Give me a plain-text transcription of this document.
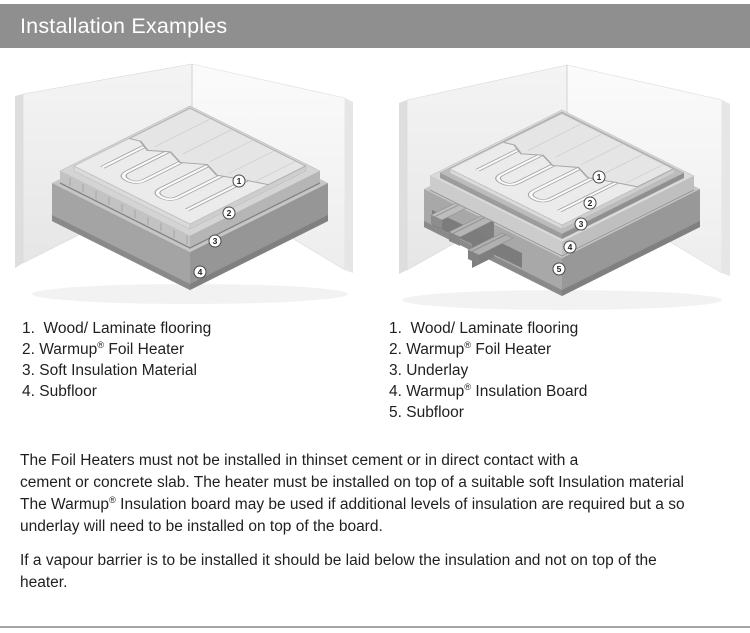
Installation Examples
1
2
3
4
1
2
3
4
5
1.  Wood/ Laminate flooring
2. Warmup® Foil Heater
3. Soft Insulation Material
4. Subfloor
1.  Wood/ Laminate flooring
2. Warmup® Foil Heater
3. Underlay
4. Warmup® Insulation Board
5. Subfloor
The Foil Heaters must not be installed in thinset cement or in direct contact with a
cement or concrete slab. The heater must be installed on top of a suitable soft Insulation material
The Warmup® Insulation board may be used if additional levels of insulation are required but a so
underlay will need to be installed on top of the board.
If a vapour barrier is to be installed it should be laid below the insulation and not on top of the
heater.
